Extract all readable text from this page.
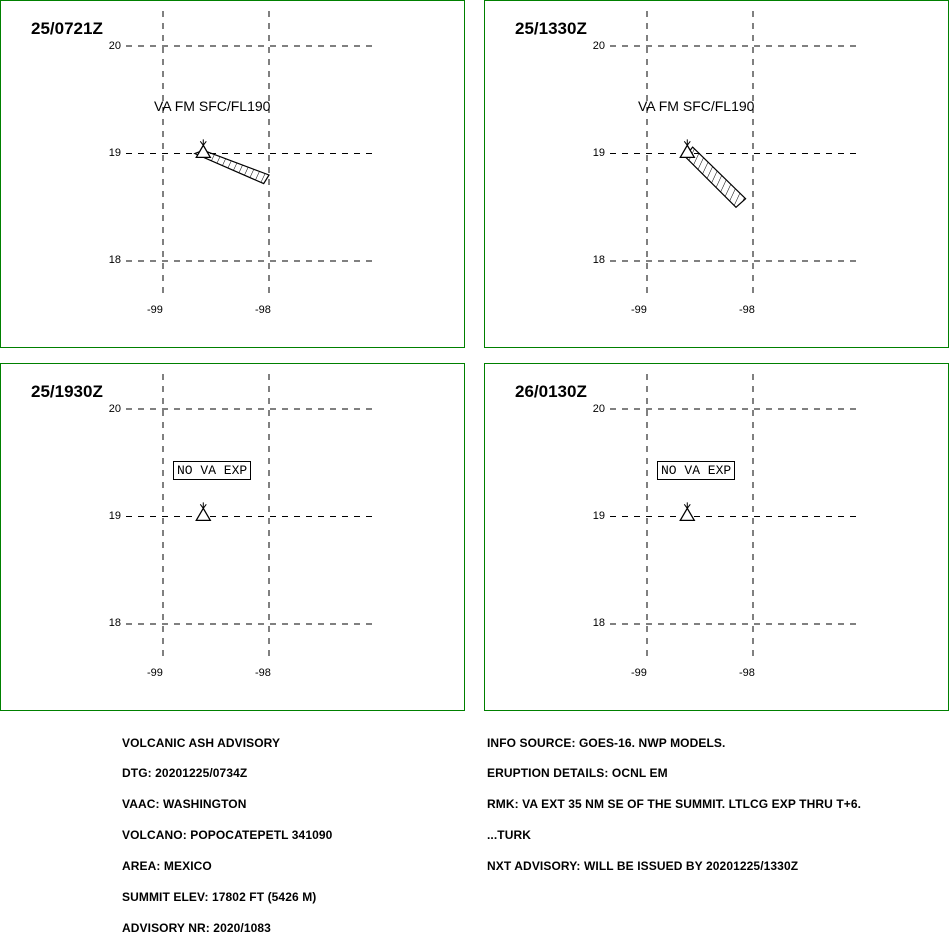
25/0721Z
20
19
18
-99	-98
VA FM SFC/FL190
25/1330Z
20
19
18
-99	-98
VA FM SFC/FL190
25/1930Z
20
19
18
-99	-98
NO VA EXP
26/0130Z
20
19
18
-99	-98
NO VA EXP

VOLCANIC ASH ADVISORY

DTG: 20201225/0734Z

VAAC: WASHINGTON

VOLCANO: POPOCATEPETL 341090

AREA: MEXICO

SUMMIT ELEV: 17802 FT (5426 M)

ADVISORY NR: 2020/1083

INFO SOURCE: GOES-16. NWP MODELS.

ERUPTION DETAILS: OCNL EM

RMK: VA EXT 35 NM SE OF THE SUMMIT. LTLCG EXP THRU T+6.

...TURK

NXT ADVISORY: WILL BE ISSUED BY 20201225/1330Z
